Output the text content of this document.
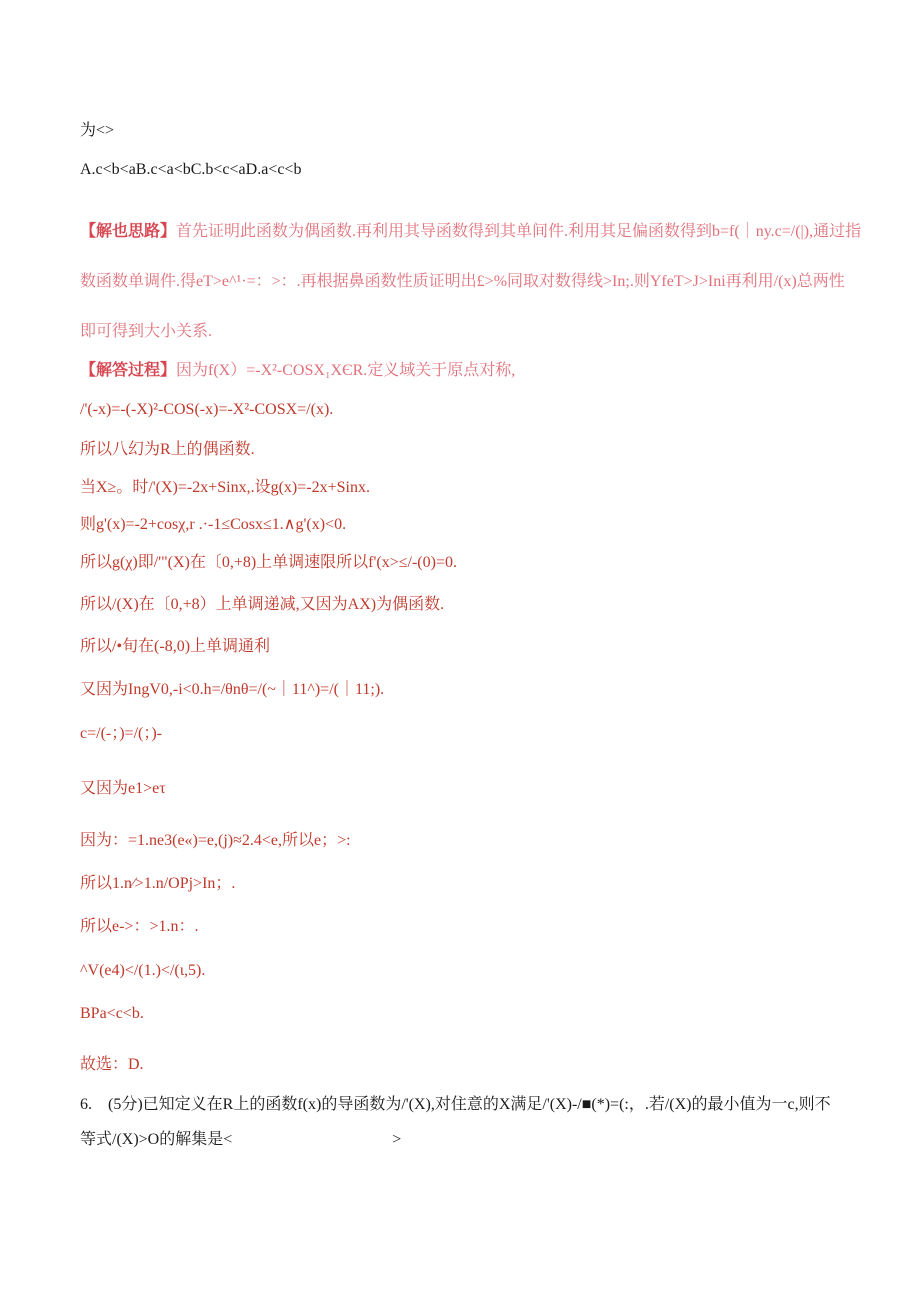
为<>
A.c<b<aB.c<a<bC.b<c<aD.a<c<b
【解也思路】首先证明此函数为偶函数.再利用其导函数得到其单间件.利用其足偏函数得到b=f(｜ny.c=/(|),通过指
数函数单调件.得eT>e^¹·=：>：.再根据鼻函数性质证明出£>%同取对数得线>In;.则YfeT>J>Ini再利用/(x)总两性
即可得到大小关系.
【解答过程】因为f(X）=-X²-COSX₁XЄR.定义域关于原点对称,
/'(-x)=-(-X)²-COS(-x)=-X²-COSX=/(x).
所以八幻为R上的偶函数.
当X≥。时/'(X)=-2x+Sinx,.设g(x)=-2x+Sinx.
则g'(x)=-2+cosχ,r .·-1≤Cosx≤1.∧g'(x)<0.
所以g(χ)即/'"(X)在〔0,+8)上单调速限所以f'(x>≤/-(0)=0.
所以/(X)在〔0,+8）上单调递减,又因为AX)为偶函数.
所以/•旬在(-8,0)上单调通利
又因为IngV0,-i<0.h=/θnθ=/(~｜11^)=/(｜11;).
c=/(-；)=/(；)-
又因为e1>eτ
因为：=1.ne3(e«)=e,(j)≈2.4<e,所以e；>:
所以1.n∕>1.n/OPj>In；.
所以e->：>1.n：.
^V(e4)</(1.)</(ι,5).
BPa<c<b.
故选：D.
6.　(5分)已知定义在R上的函数f(x)的导函数为/'(X),对住意的X满足/'(X)-/■(*)=(:，.若/(X)的最小值为一c,则不
等式/(X)>O的解集是<　　　　　　　　　　>
